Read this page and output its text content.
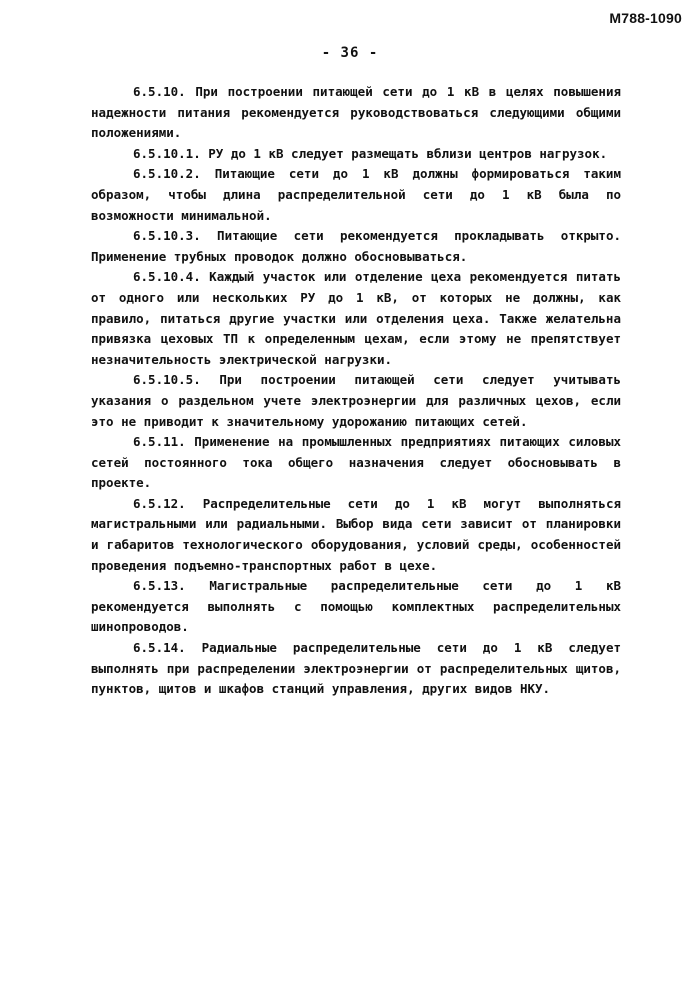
М788-1090
- 36 -

6.5.10. При построении питающей сети до 1 кВ в целях повышения надежности питания рекомендуется руководствоваться следующими общими положениями.

6.5.10.1. РУ до 1 кВ следует размещать вблизи центров нагрузок.

6.5.10.2. Питающие сети до 1 кВ должны формироваться таким образом, чтобы длина распределительной сети до 1 кВ была по возможности минимальной.

6.5.10.3. Питающие сети рекомендуется прокладывать открыто. Применение трубных проводок должно обосновываться.

6.5.10.4. Каждый участок или отделение цеха рекомендуется питать от одного или нескольких РУ до 1 кВ, от которых не должны, как правило, питаться другие участки или отделения цеха. Также желательна привязка цеховых ТП к определенным цехам, если этому не препятствует незначительность электрической нагрузки.

6.5.10.5. При построении питающей сети следует учитывать указания о раздельном учете электроэнергии для различных цехов, если это не приводит к значительному удорожанию питающих сетей.

6.5.11. Применение на промышленных предприятиях питающих силовых сетей постоянного тока общего назначения следует обосновывать в проекте.

6.5.12. Распределительные сети до 1 кВ могут выполняться магистральными или радиальными. Выбор вида сети зависит от планировки и габаритов технологического оборудования, условий среды, особенностей проведения подъемно-транспортных работ в цехе.

6.5.13. Магистральные распределительные сети до 1 кВ рекомендуется выполнять с помощью комплектных распределительных шинопроводов.

6.5.14. Радиальные распределительные сети до 1 кВ следует выполнять при распределении электроэнергии от распределительных щитов, пунктов, щитов и шкафов станций управления, других видов НКУ.
